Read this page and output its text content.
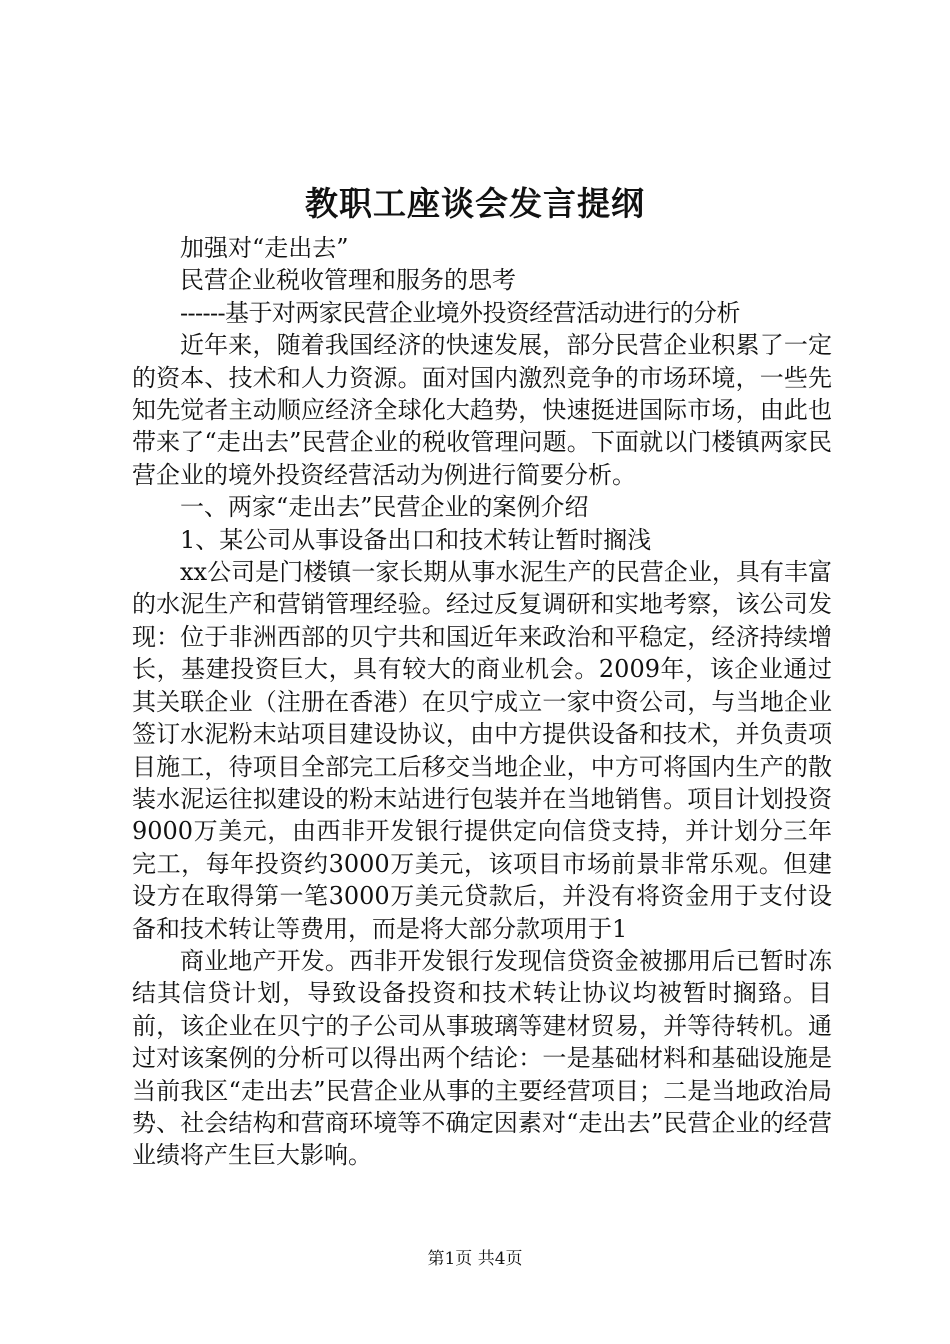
教职工座谈会发言提纲

加强对“走出去”

民营企业税收管理和服务的思考

------基于对两家民营企业境外投资经营活动进行的分析

近年来，随着我国经济的快速发展，部分民营企业积累了一定的资本、技术和人力资源。面对国内激烈竞争的市场环境，一些先知先觉者主动顺应经济全球化大趋势，快速挺进国际市场，由此也带来了“走出去”民营企业的税收管理问题。下面就以门楼镇两家民营企业的境外投资经营活动为例进行简要分析。

一、两家“走出去”民营企业的案例介绍

1、某公司从事设备出口和技术转让暂时搁浅

xx公司是门楼镇一家长期从事水泥生产的民营企业，具有丰富的水泥生产和营销管理经验。经过反复调研和实地考察，该公司发现：位于非洲西部的贝宁共和国近年来政治和平稳定，经济持续增长，基建投资巨大，具有较大的商业机会。2009年，该企业通过其关联企业（注册在香港）在贝宁成立一家中资公司，与当地企业签订水泥粉末站项目建设协议，由中方提供设备和技术，并负责项目施工，待项目全部完工后移交当地企业，中方可将国内生产的散装水泥运往拟建设的粉末站进行包装并在当地销售。项目计划投资9000万美元，由西非开发银行提供定向信贷支持，并计划分三年完工，每年投资约3000万美元，该项目市场前景非常乐观。但建设方在取得第一笔3000万美元贷款后，并没有将资金用于支付设备和技术转让等费用，而是将大部分款项用于1

商业地产开发。西非开发银行发现信贷资金被挪用后已暂时冻结其信贷计划，导致设备投资和技术转让协议均被暂时搁臵。目前，该企业在贝宁的子公司从事玻璃等建材贸易，并等待转机。通过对该案例的分析可以得出两个结论：一是基础材料和基础设施是当前我区“走出去”民营企业从事的主要经营项目；二是当地政治局势、社会结构和营商环境等不确定因素对“走出去”民营企业的经营业绩将产生巨大影响。

第1页 共4页
